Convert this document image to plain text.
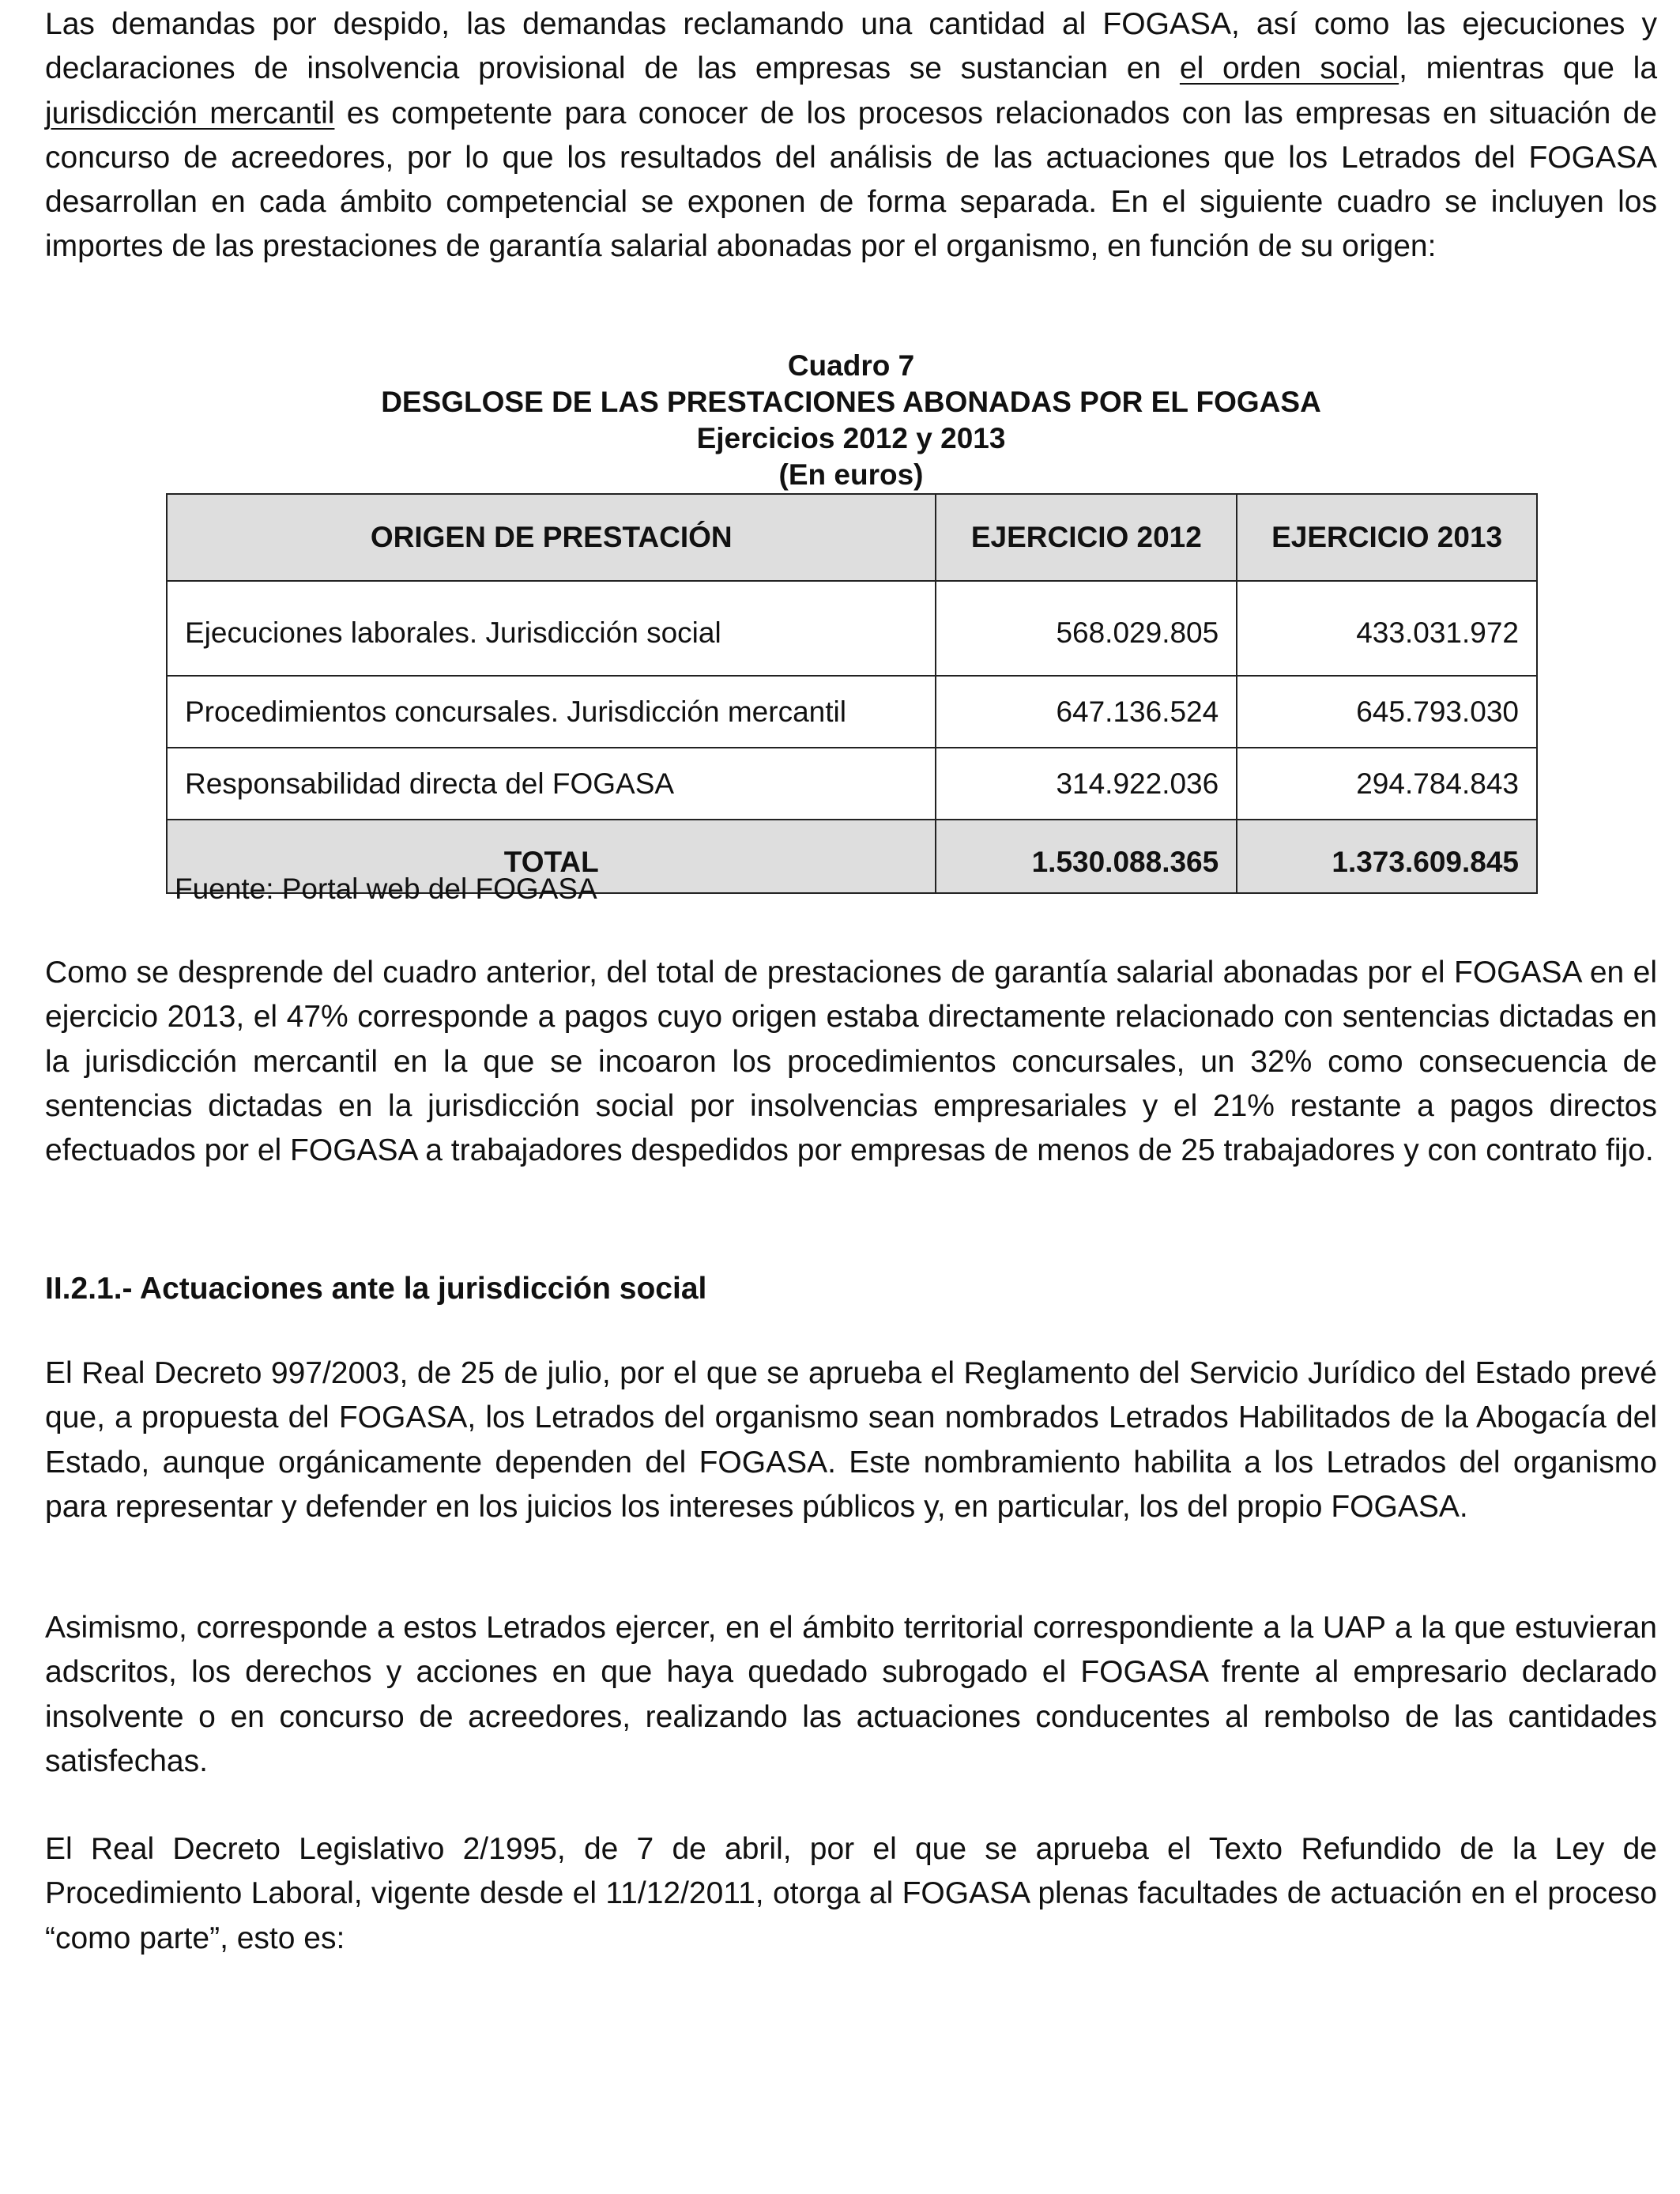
Las demandas por despido, las demandas reclamando una cantidad al FOGASA, así como las ejecuciones y declaraciones de insolvencia provisional de las empresas se sustancian en el orden social, mientras que la jurisdicción mercantil es competente para conocer de los procesos relacionados con las empresas en situación de concurso de acreedores, por lo que los resultados del análisis de las actuaciones que los Letrados del FOGASA desarrollan en cada ámbito competencial se exponen de forma separada. En el siguiente cuadro se incluyen los importes de las prestaciones de garantía salarial abonadas por el organismo, en función de su origen:

Cuadro 7
DESGLOSE DE LAS PRESTACIONES ABONADAS POR EL FOGASA
Ejercicios 2012 y 2013
(En euros)
ORIGEN DE PRESTACIÓN	EJERCICIO 2012	EJERCICIO 2013
Ejecuciones laborales. Jurisdicción social	568.029.805	433.031.972
Procedimientos concursales. Jurisdicción mercantil	647.136.524	645.793.030
Responsabilidad directa del FOGASA	314.922.036	294.784.843
TOTAL	1.530.088.365	1.373.609.845
Fuente: Portal web del FOGASA

Como se desprende del cuadro anterior, del total de prestaciones de garantía salarial abonadas por el FOGASA en el ejercicio 2013, el 47% corresponde a pagos cuyo origen estaba directamente relacionado con sentencias dictadas en la jurisdicción mercantil en la que se incoaron los procedimientos concursales, un 32% como consecuencia de sentencias dictadas en la jurisdicción social por insolvencias empresariales y el 21% restante a pagos directos efectuados por el FOGASA a trabajadores despedidos por empresas de menos de 25 trabajadores y con contrato fijo.

II.2.1.- Actuaciones ante la jurisdicción social

El Real Decreto 997/2003, de 25 de julio, por el que se aprueba el Reglamento del Servicio Jurídico del Estado prevé que, a propuesta del FOGASA, los Letrados del organismo sean nombrados Letrados Habilitados de la Abogacía del Estado, aunque orgánicamente dependen del FOGASA. Este nombramiento habilita a los Letrados del organismo para representar y defender en los juicios los intereses públicos y, en particular, los del propio FOGASA.

Asimismo, corresponde a estos Letrados ejercer, en el ámbito territorial correspondiente a la UAP a la que estuvieran adscritos, los derechos y acciones en que haya quedado subrogado el FOGASA frente al empresario declarado insolvente o en concurso de acreedores, realizando las actuaciones conducentes al rembolso de las cantidades satisfechas.

El Real Decreto Legislativo 2/1995, de 7 de abril, por el que se aprueba el Texto Refundido de la Ley de Procedimiento Laboral, vigente desde el 11/12/2011, otorga al FOGASA plenas facultades de actuación en el proceso “como parte”, esto es:
